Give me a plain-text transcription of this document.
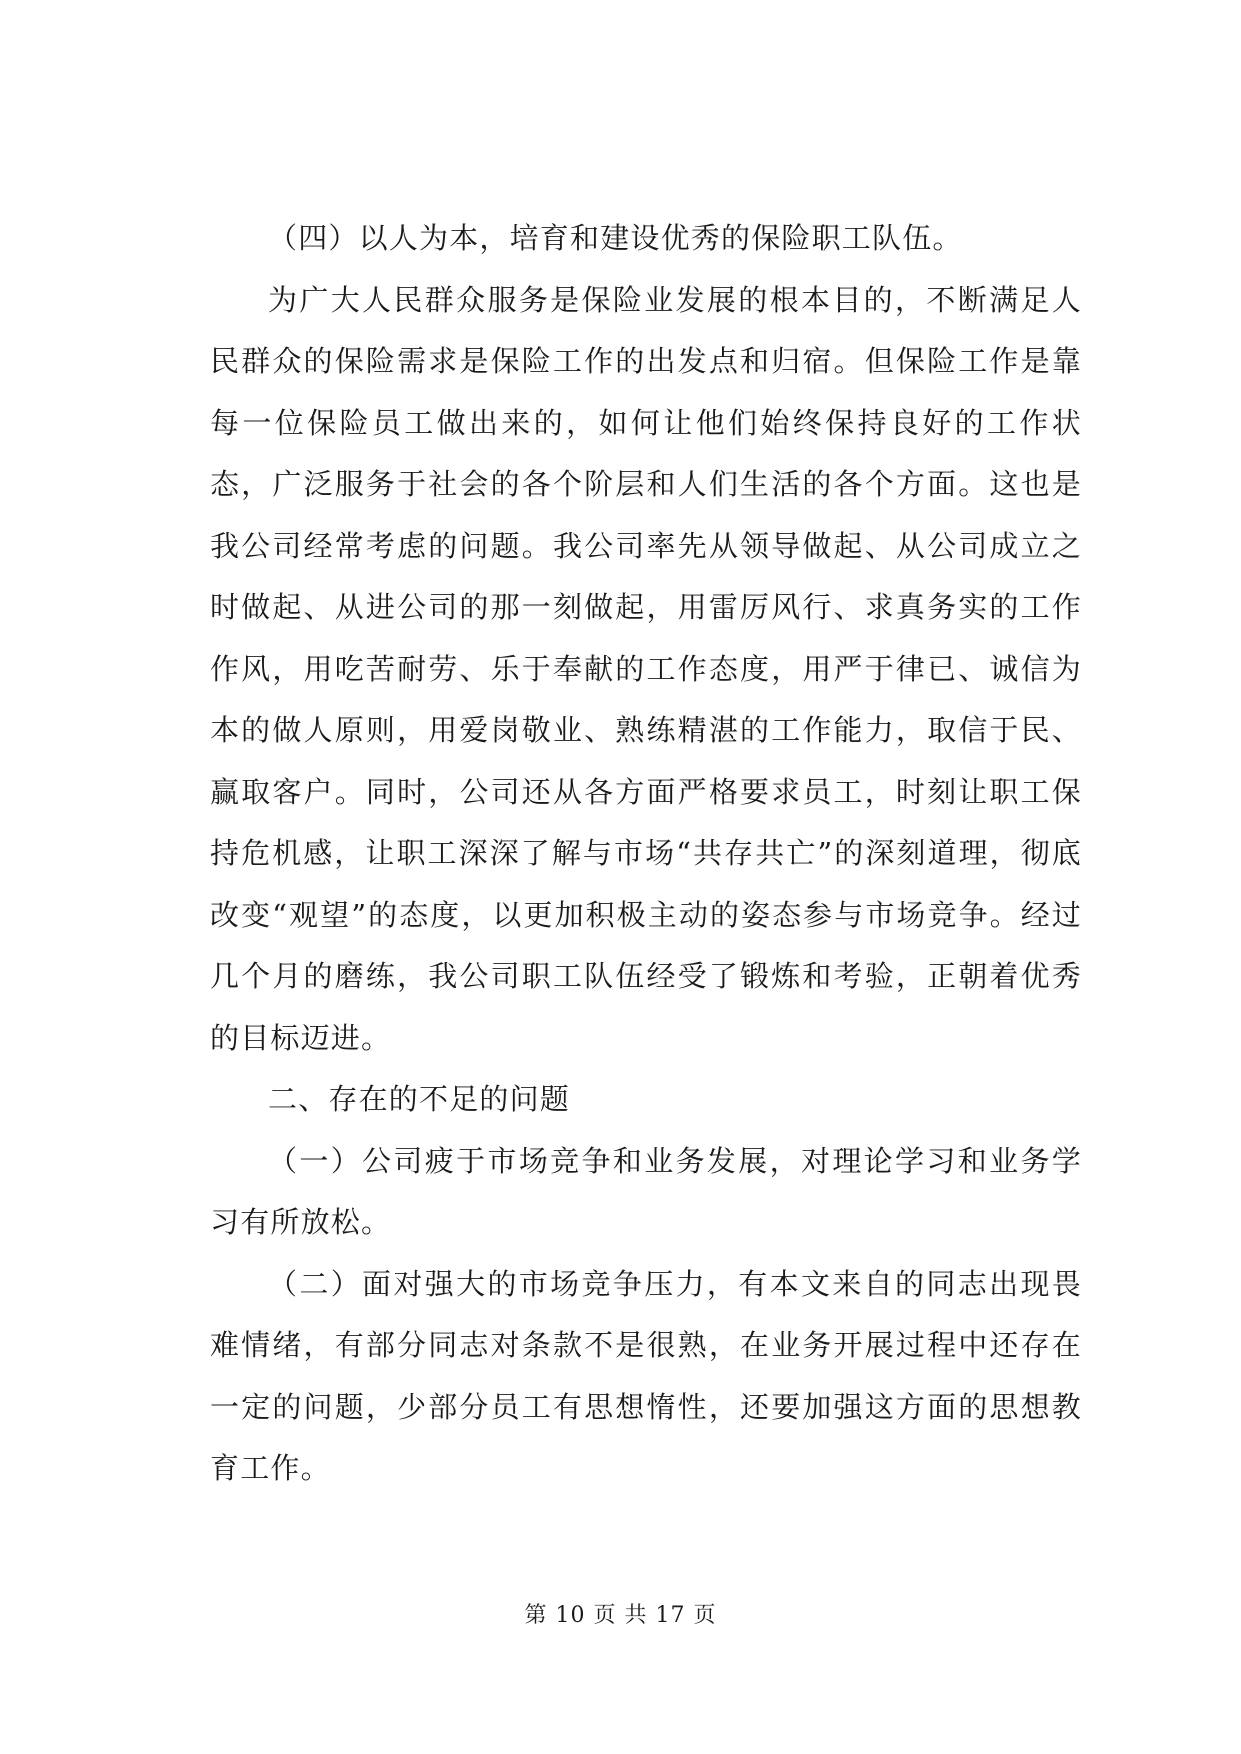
（四）以人为本，培育和建设优秀的保险职工队伍。

为广大人民群众服务是保险业发展的根本目的，不断满足人民群众的保险需求是保险工作的出发点和归宿。但保险工作是靠每一位保险员工做出来的，如何让他们始终保持良好的工作状态，广泛服务于社会的各个阶层和人们生活的各个方面。这也是我公司经常考虑的问题。我公司率先从领导做起、从公司成立之时做起、从进公司的那一刻做起，用雷厉风行、求真务实的工作作风，用吃苦耐劳、乐于奉献的工作态度，用严于律已、诚信为本的做人原则，用爱岗敬业、熟练精湛的工作能力，取信于民、赢取客户。同时，公司还从各方面严格要求员工，时刻让职工保持危机感，让职工深深了解与市场“共存共亡”的深刻道理，彻底改变“观望”的态度，以更加积极主动的姿态参与市场竞争。经过几个月的磨练，我公司职工队伍经受了锻炼和考验，正朝着优秀的目标迈进。

二、存在的不足的问题

（一）公司疲于市场竞争和业务发展，对理论学习和业务学习有所放松。

（二）面对强大的市场竞争压力，有本文来自的同志出现畏难情绪，有部分同志对条款不是很熟，在业务开展过程中还存在一定的问题，少部分员工有思想惰性，还要加强这方面的思想教育工作。

第 10 页 共 17 页
